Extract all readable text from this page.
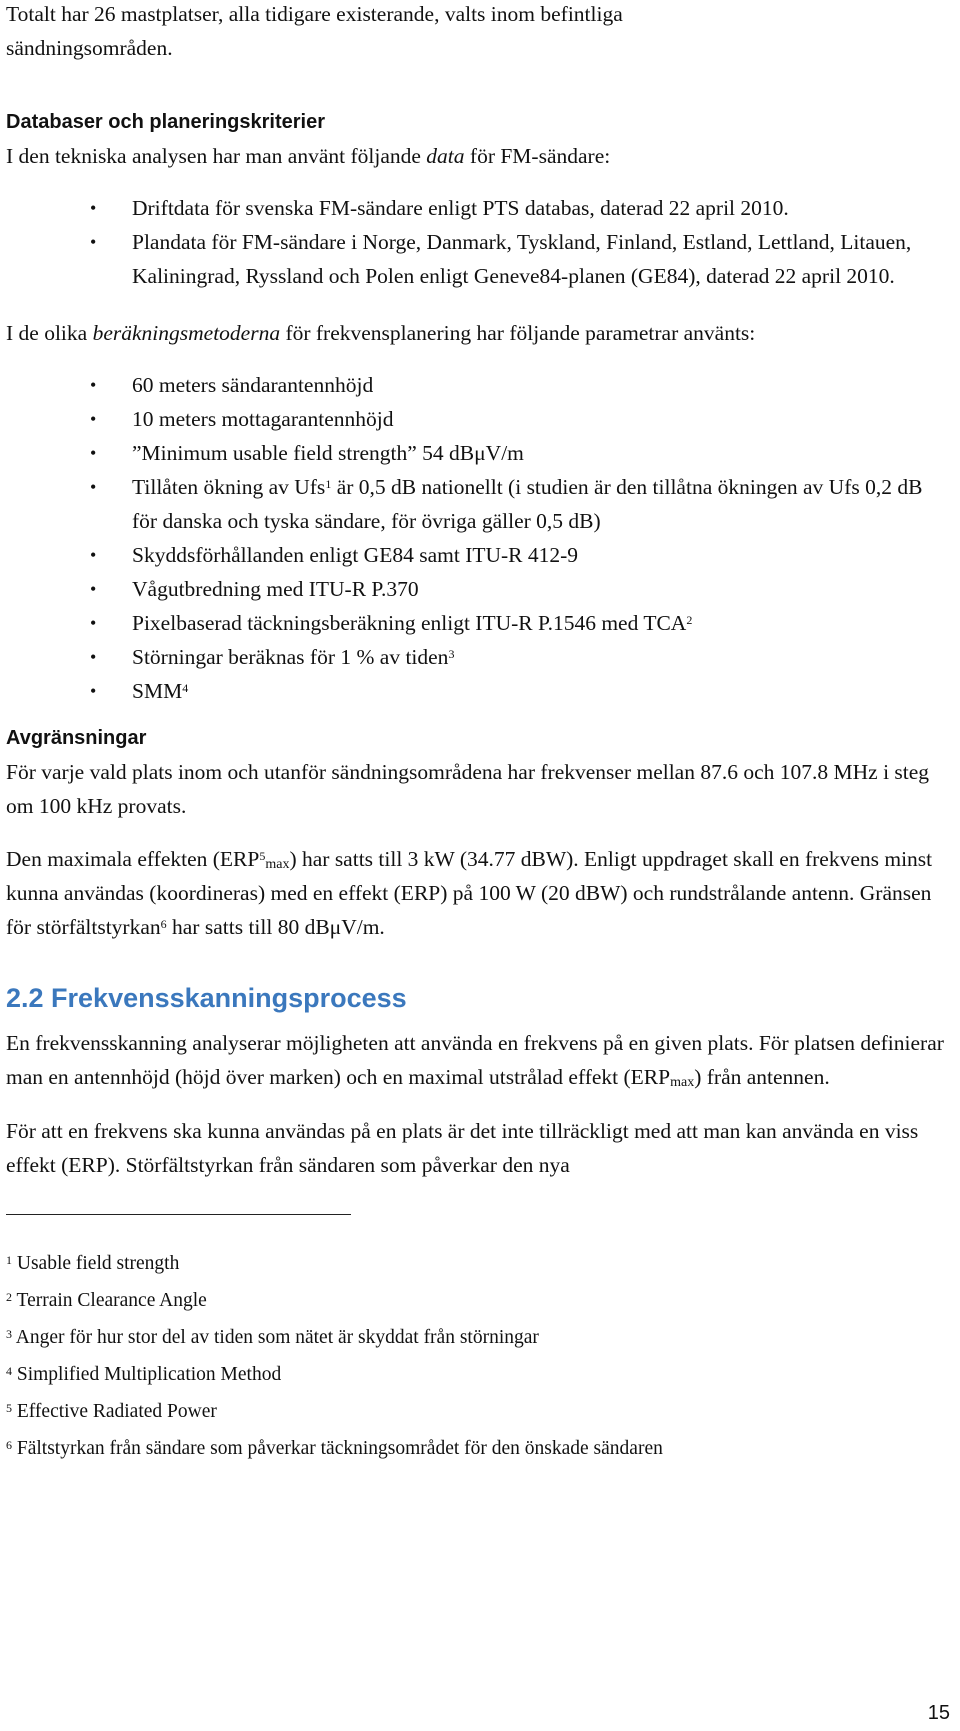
Totalt har 26 mastplatser, alla tidigare existerande, valts inom befintliga sändningsområden.

Databaser och planeringskriterier

I den tekniska analysen har man använt följande data för FM-sändare:

• Driftdata för svenska FM-sändare enligt PTS databas, daterad 22 april 2010.
• Plandata för FM-sändare i Norge, Danmark, Tyskland, Finland, Estland, Lettland, Litauen, Kaliningrad, Ryssland och Polen enligt Geneve84-planen (GE84), daterad 22 april 2010.

I de olika beräkningsmetoderna för frekvensplanering har följande parametrar använts:

• 60 meters sändarantennhöjd
• 10 meters mottagarantennhöjd
• ”Minimum usable field strength” 54 dBμV/m
• Tillåten ökning av Ufs$^1$ är 0,5 dB nationellt (i studien är den tillåtna ökningen av Ufs 0,2 dB för danska och tyska sändare, för övriga gäller 0,5 dB)
• Skyddsförhållanden enligt GE84 samt ITU-R 412-9
• Vågutbredning med ITU-R P.370
• Pixelbaserad täckningsberäkning enligt ITU-R P.1546 med TCA$^2$
• Störningar beräknas för 1 % av tiden$^3$
• SMM$^4$
Avgränsningar

För varje vald plats inom och utanför sändningsområdena har frekvenser mellan 87.6 och 107.8 MHz i steg om 100 kHz provats.

Den maximala effekten (ERP$^5_{max}$) har satts till 3 kW (34.77 dBW). Enligt uppdraget skall en frekvens minst kunna användas (koordineras) med en effekt (ERP) på 100 W (20 dBW) och rundstrålande antenn. Gränsen för störfältstyrkan$^6$ har satts till 80 dBμV/m.

2.2 Frekvensskanningsprocess

En frekvensskanning analyserar möjligheten att använda en frekvens på en given plats. För platsen definierar man en antennhöjd (höjd över marken) och en maximal utstrålad effekt $(ERP_{max})$ från antennen.

För att en frekvens ska kunna användas på en plats är det inte tillräckligt med att man kan använda en viss effekt (ERP). Störfältstyrkan från sändaren som påverkar den nya

$^1$ Usable field strength

$^2$ Terrain Clearance Angle

$^3$ Anger för hur stor del av tiden som nätet är skyddat från störningar

$^4$ Simplified Multiplication Method

$^5$ Effective Radiated Power

$^6$ Fältstyrkan från sändare som påverkar täckningsområdet för den önskade sändaren

15
